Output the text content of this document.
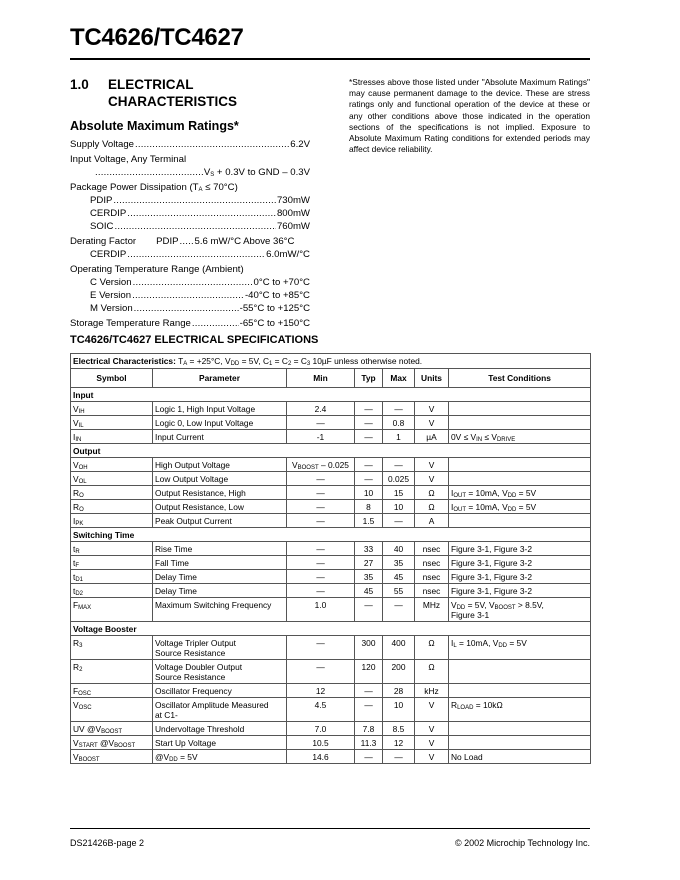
TC4626/TC4627
1.0 ELECTRICAL
CHARACTERISTICS
Absolute Maximum Ratings*
Supply Voltage .....	6.2V
Input Voltage, Any Terminal
.....
$V_S + 0.3V$ to GND – 0.3V
Package Power Dissipation $(T_A \le 70^\circ C)$
PDIP .....	730mW
CERDIP .....	800mW
SOIC .....	760mW
Derating Factor	PDIP ..... 5.6 mW/°C Above 36°C
CERDIP .....	6.0mW/°C
Operating Temperature Range (Ambient)
C Version .....	0°C to +70°C
E Version .....	-40°C to +85°C
M Version .....	-55°C to +125°C
Storage Temperature Range .....	-65°C to +150°C
*Stresses above those listed under "Absolute Maximum Ratings" may cause permanent damage to the device. These are stress ratings only and functional operation of the device at these or any other conditions above those indicated in the operation sections of the specifications is not implied. Exposure to Absolute Maximum Rating conditions for extended periods may affect device reliability.
TC4626/TC4627 ELECTRICAL SPECIFICATIONS
Electrical Characteristics: $T_A = +25^\circ C$, $V_{DD} = 5V$, $C_1 = C_2 = C_3$ 10µF unless otherwise noted.						
Symbol	Parameter	Min	Typ	Max	Units	Test Conditions
Input						
$V_{IH}$	Logic 1, High Input Voltage	2.4	—	—	V	
$V_{IL}$	Logic 0, Low Input Voltage	—	—	0.8	V	
$I_{IN}$	Input Current	-1	—	1	µA	$0V \le V_{IN} \le V_{DRIVE}$
Output						
$V_{OH}$	High Output Voltage	$V_{BOOST} - 0.025$	—	—	V	
$V_{OL}$	Low Output Voltage	—	—	0.025	V	
$R_O$	Output Resistance, High	—	10	15	Ω	$I_{OUT} = 10mA$, $V_{DD} = 5V$
$R_O$	Output Resistance, Low	—	8	10	Ω	$I_{OUT} = 10mA$, $V_{DD} = 5V$
$I_{PK}$	Peak Output Current	—	1.5	—	A	
Switching Time						
$t_R$	Rise Time	—	33	40	nsec	Figure 3-1, Figure 3-2
$t_F$	Fall Time	—	27	35	nsec	Figure 3-1, Figure 3-2
$t_{D1}$	Delay Time	—	35	45	nsec	Figure 3-1, Figure 3-2
$t_{D2}$	Delay Time	—	45	55	nsec	Figure 3-1, Figure 3-2
$F_{MAX}$	Maximum Switching Frequency	1.0	—	—	MHz	$V_{DD} = 5V$, $V_{BOOST} > 8.5V$,
Figure 3-1
Voltage Booster						
$R_3$	Voltage Tripler Output
Source Resistance	—	300	400	Ω	$I_L = 10mA$, $V_{DD} = 5V$
$R_2$	Voltage Doubler Output
Source Resistance	—	120	200	Ω	
$F_{OSC}$	Oscillator Frequency	12	—	28	kHz	
$V_{OSC}$	Oscillator Amplitude Measured
at C1-	4.5	—	10	V	$R_{LOAD} = 10k\Omega$
UV $@V_{BOOST}$	Undervoltage Threshold	7.0	7.8	8.5	V	
$V_{START}$ $@V_{BOOST}$	Start Up Voltage	10.5	11.3	12	V	
$V_{BOOST}$	$@V_{DD} = 5V$	14.6	—	—	V	No Load
DS21426B-page 2	© 2002 Microchip Technology Inc.
